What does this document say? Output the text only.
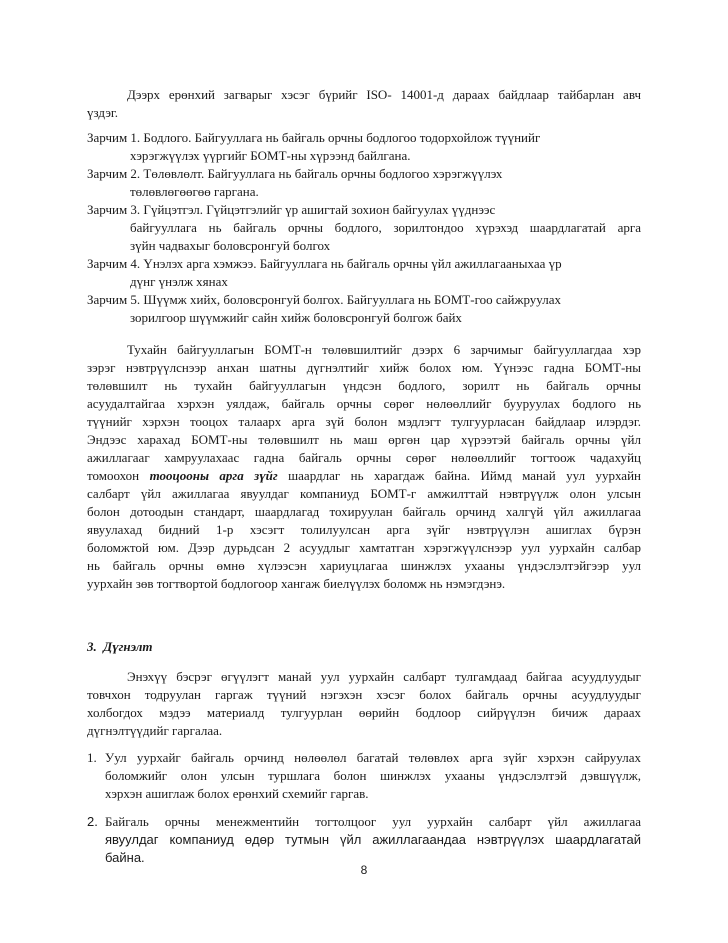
Дээрх ерөнхий загварыг хэсэг бүрийг ISO- 14001-д дараах байдлаар тайбарлан авч
үздэг.
Зарчим 1. Бодлого. Байгууллага нь байгаль орчны бодлогоо тодорхойлож түүнийг
хэрэгжүүлэх үүргийг БОМТ-ны хүрээнд байлгана.
Зарчим 2. Төлөвлөлт. Байгууллага нь байгаль орчны бодлогоо хэрэгжүүлэх
төлөвлөгөөгөө гаргана.
Зарчим 3. Гүйцэтгэл. Гүйцэтгэлийг үр ашигтай зохион байгуулах үүднээс
байгууллага нь байгаль орчны бодлого, зорилтондоо хүрэхэд шаардлагатай арга
зүйн чадвахыг боловсронгуй болгох
Зарчим 4. Үнэлэх арга хэмжээ. Байгууллага нь байгаль орчны үйл ажиллагааныхаа үр
дүнг үнэлж хянах
Зарчим 5. Шүүмж хийх, боловсронгуй болгох. Байгууллага нь БОМТ-гоо сайжруулах
зорилгоор шүүмжийг сайн хийж боловсронгуй болгож байх
Тухайн байгууллагын БОМТ-н төлөвшилтийг дээрх 6 зарчимыг байгууллагдаа хэр
зэрэг нэвтрүүлснээр анхан шатны дүгнэлтийг хийж болох юм. Үүнээс гадна БОМТ-ны
төлөвшилт нь тухайн байгууллагын үндсэн бодлого, зорилт нь байгаль орчны
асуудалтайгаа хэрхэн уялдаж, байгаль орчны сөрөг нөлөөллийг бууруулах бодлого нь
түүнийг хэрхэн тооцох талаарх арга зүй болон мэдлэгт тулгуурласан байдлаар илэрдэг.
Эндээс харахад БОМТ-ны төлөвшилт нь маш өргөн цар хүрээтэй байгаль орчны үйл
ажиллагааг хамруулахаас гадна байгаль орчны сөрөг нөлөөллийг тогтоож чадахуйц
томоохон тооцооны арга зүйг шаардлаг нь харагдаж байна. Иймд манай уул уурхайн
салбарт үйл ажиллагаа явуулдаг компаниуд БОМТ-г амжилттай нэвтрүүлж олон улсын
болон дотоодын стандарт, шаардлагад тохируулан байгаль орчинд халгүй үйл ажиллагаа
явуулахад бидний 1-р хэсэгт толилуулсан арга зүйг нэвтрүүлэн ашиглах бүрэн
боломжтой юм. Дээр дурьдсан 2 асуудлыг хамтатган хэрэгжүүлснээр уул уурхайн салбар
нь байгаль орчны өмнө хүлээсэн хариуцлагаа шинжлэх ухааны үндэслэлтэйгээр уул
уурхайн зөв тогтвортой бодлогоор хангаж биелүүлэх боломж нь нэмэгдэнэ.
3. Дүгнэлт
Энэхүү бэсрэг өгүүлэгт манай уул уурхайн салбарт тулгамдаад байгаа асуудлуудыг
товчхон тодруулан гаргаж түүний нэгэхэн хэсэг болох байгаль орчны асуудлуудыг
холбогдох мэдээ материалд тулгуурлан өөрийн бодлоор сийрүүлэн бичиж дараах
дүгнэлтүүдийг гаргалаа.
1. Уул уурхайг байгаль орчинд нөлөөлөл багатай төлөвлөх арга зүйг хэрхэн сайруулах
боломжийг олон улсын туршлага болон шинжлэх ухааны үндэслэлтэй дэвшүүлж,
хэрхэн ашиглаж болох ерөнхий схемийг гаргав.
2. Байгаль орчны менежментийн тогтолцоог уул уурхайн салбарт үйл ажиллагаа
явуулдаг компаниуд өдөр тутмын үйл ажиллагаандаа нэвтрүүлэх шаардлагатай
байна.
8
